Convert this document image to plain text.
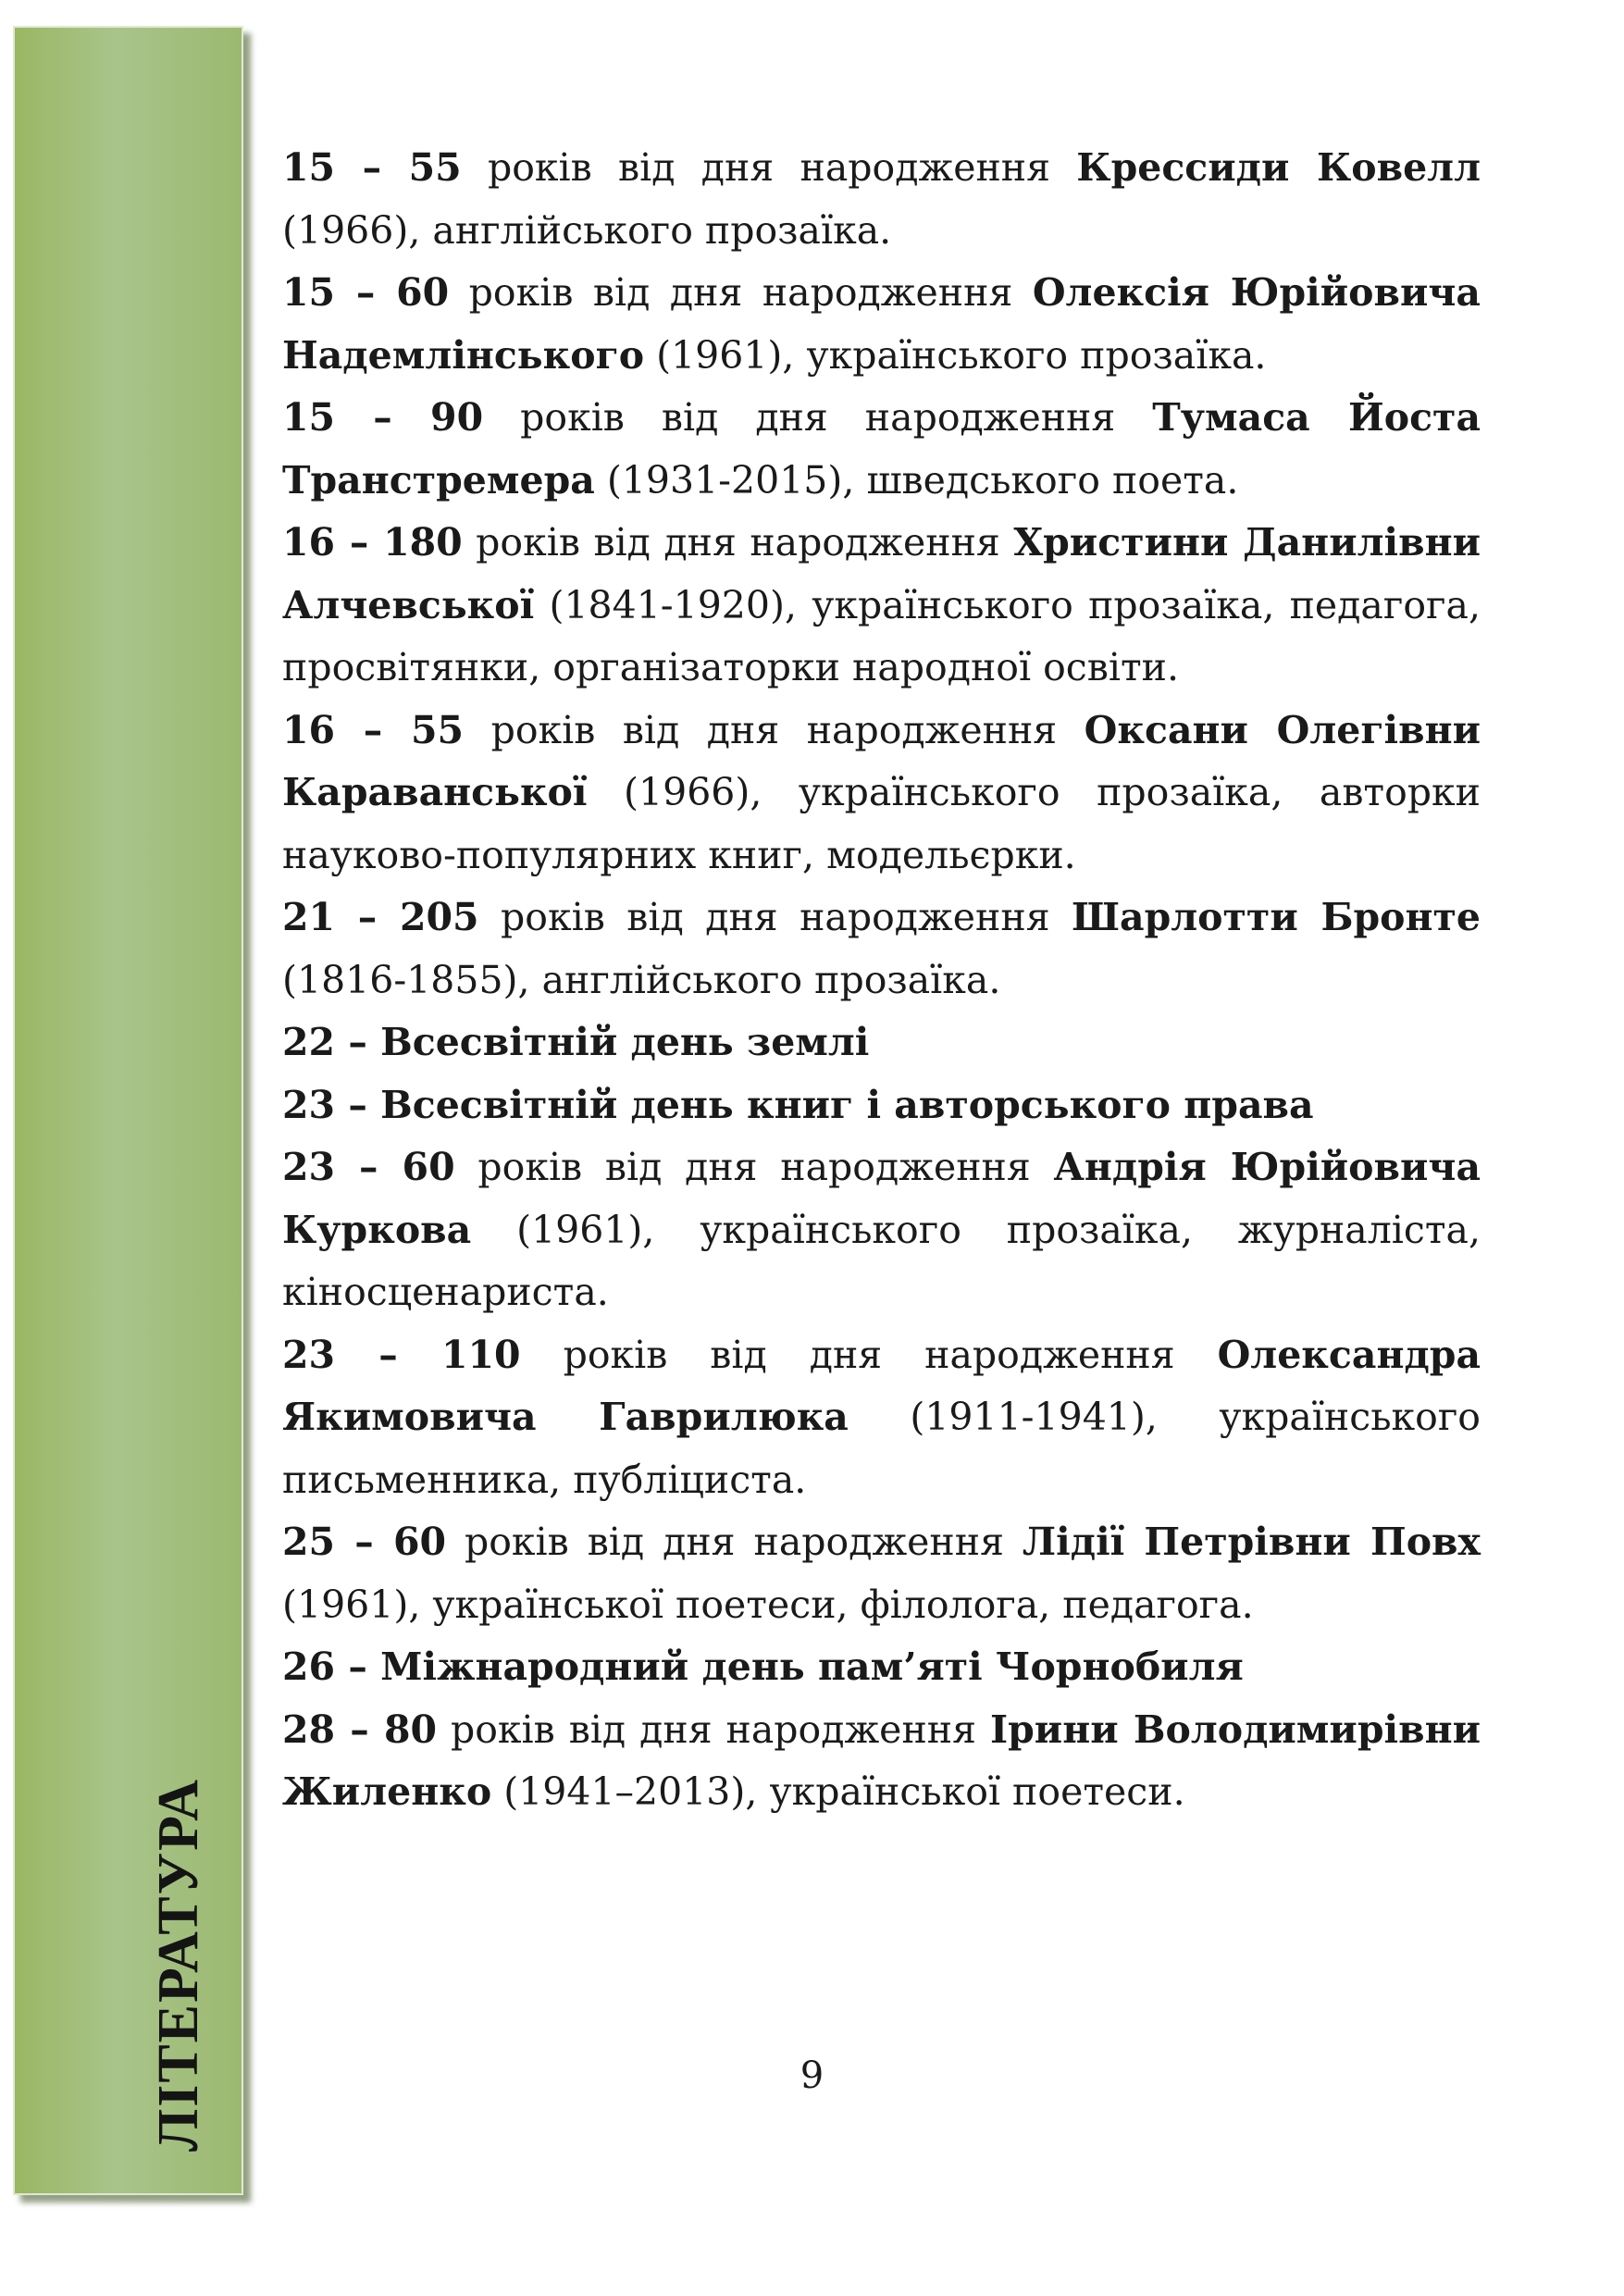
ЛІТЕРАТУРА

15 – 55 років від дня народження Крессиди Ковелл (1966), англійського прозаїка.

15 – 60 років від дня народження Олексія Юрійовича Надемлінського (1961), українського прозаїка.

15 – 90 років від дня народження Тумаса Йоста Транстремера (1931-2015), шведського поета.

16 – 180 років від дня народження Христини Данилівни Алчевської (1841-1920), українського прозаїка, педагога, просвітянки, організаторки народної освіти.

16 – 55 років від дня народження Оксани Олегівни Караванської (1966), українського прозаїка, авторки науково-популярних книг, модельєрки.

21 – 205 років від дня народження Шарлотти Бронте (1816-1855), англійського прозаїка.

22 – Всесвітній день землі

23 – Всесвітній день книг і авторського права

23 – 60 років від дня народження Андрія Юрійовича Куркова (1961), українського прозаїка, журналіста, кіносценариста.

23 – 110 років від дня народження Олександра Якимовича Гаврилюка (1911-1941), українського письменника, публіциста.

25 – 60 років від дня народження Лідії Петрівни Повх (1961), української поетеси, філолога, педагога.

26 – Міжнародний день пам’яті Чорнобиля

28 – 80 років від дня народження Ірини Володимирівни Жиленко (1941–2013), української поетеси.

9
